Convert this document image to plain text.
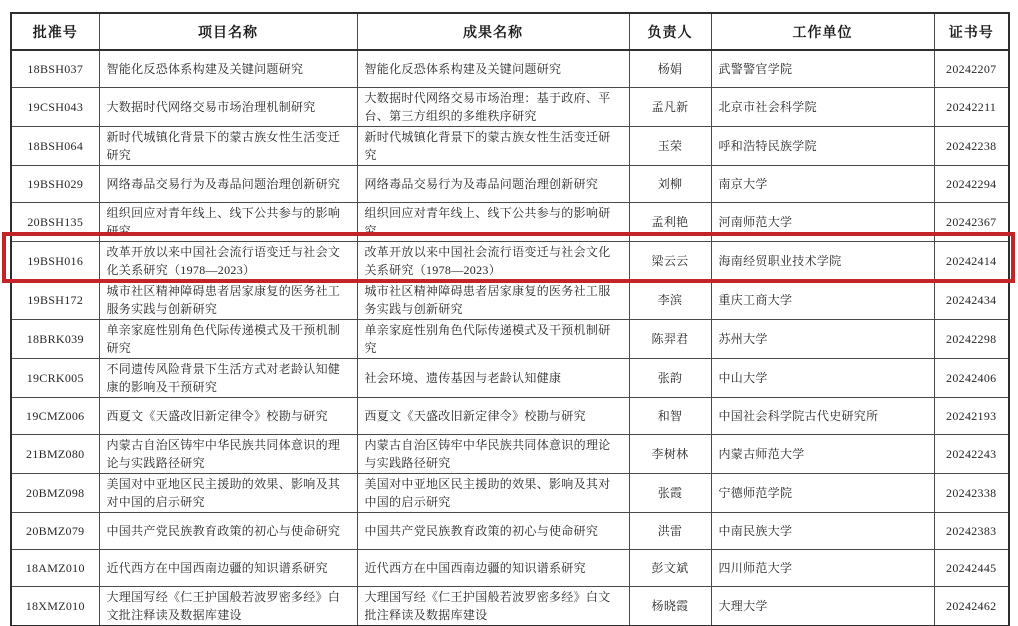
批准号	项目名称	成果名称	负责人	工作单位	证书号
18BSH037	智能化反恐体系构建及关键问题研究	智能化反恐体系构建及关键问题研究	杨娟	武警警官学院	20242207
19CSH043	大数据时代网络交易市场治理机制研究	大数据时代网络交易市场治理：基于政府、平台、第三方组织的多维秩序研究	孟凡新	北京市社会科学院	20242211
18BSH064	新时代城镇化背景下的蒙古族女性生活变迁研究	新时代城镇化背景下的蒙古族女性生活变迁研究	玉荣	呼和浩特民族学院	20242238
19BSH029	网络毒品交易行为及毒品问题治理创新研究	网络毒品交易行为及毒品问题治理创新研究	刘柳	南京大学	20242294
20BSH135	组织回应对青年线上、线下公共参与的影响研究	组织回应对青年线上、线下公共参与的影响研究	孟利艳	河南师范大学	20242367
19BSH016	改革开放以来中国社会流行语变迁与社会文化关系研究（1978—2023）	改革开放以来中国社会流行语变迁与社会文化关系研究（1978—2023）	梁云云	海南经贸职业技术学院	20242414
19BSH172	城市社区精神障碍患者居家康复的医务社工服务实践与创新研究	城市社区精神障碍患者居家康复的医务社工服务实践与创新研究	李滨	重庆工商大学	20242434
18BRK039	单亲家庭性别角色代际传递模式及干预机制研究	单亲家庭性别角色代际传递模式及干预机制研究	陈羿君	苏州大学	20242298
19CRK005	不同遗传风险背景下生活方式对老龄认知健康的影响及干预研究	社会环境、遗传基因与老龄认知健康	张韵	中山大学	20242406
19CMZ006	西夏文《天盛改旧新定律令》校勘与研究	西夏文《天盛改旧新定律令》校勘与研究	和智	中国社会科学院古代史研究所	20242193
21BMZ080	内蒙古自治区铸牢中华民族共同体意识的理论与实践路径研究	内蒙古自治区铸牢中华民族共同体意识的理论与实践路径研究	李树林	内蒙古师范大学	20242243
20BMZ098	美国对中亚地区民主援助的效果、影响及其对中国的启示研究	美国对中亚地区民主援助的效果、影响及其对中国的启示研究	张霞	宁德师范学院	20242338
20BMZ079	中国共产党民族教育政策的初心与使命研究	中国共产党民族教育政策的初心与使命研究	洪雷	中南民族大学	20242383
18AMZ010	近代西方在中国西南边疆的知识谱系研究	近代西方在中国西南边疆的知识谱系研究	彭文斌	四川师范大学	20242445
18XMZ010	大理国写经《仁王护国般若波罗密多经》白文批注释读及数据库建设	大理国写经《仁王护国般若波罗密多经》白文批注释读及数据库建设	杨晓霞	大理大学	20242462
